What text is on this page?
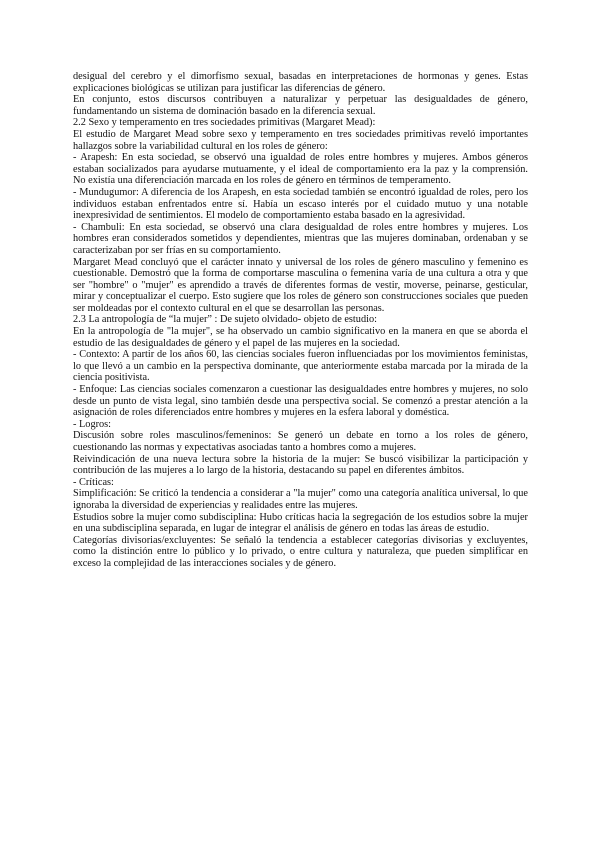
desigual del cerebro y el dimorfismo sexual, basadas en interpretaciones de hormonas y genes. Estas explicaciones biológicas se utilizan para justificar las diferencias de género.

En conjunto, estos discursos contribuyen a naturalizar y perpetuar las desigualdades de género, fundamentando un sistema de dominación basado en la diferencia sexual.

2.2 Sexo y temperamento en tres sociedades primitivas (Margaret Mead):

El estudio de Margaret Mead sobre sexo y temperamento en tres sociedades primitivas reveló importantes hallazgos sobre la variabilidad cultural en los roles de género:

- Arapesh: En esta sociedad, se observó una igualdad de roles entre hombres y mujeres. Ambos géneros estaban socializados para ayudarse mutuamente, y el ideal de comportamiento era la paz y la comprensión. No existía una diferenciación marcada en los roles de género en términos de temperamento.

- Mundugumor: A diferencia de los Arapesh, en esta sociedad también se encontró igualdad de roles, pero los individuos estaban enfrentados entre sí. Había un escaso interés por el cuidado mutuo y una notable inexpresividad de sentimientos. El modelo de comportamiento estaba basado en la agresividad.

- Chambuli: En esta sociedad, se observó una clara desigualdad de roles entre hombres y mujeres. Los hombres eran considerados sometidos y dependientes, mientras que las mujeres dominaban, ordenaban y se caracterizaban por ser frías en su comportamiento.

Margaret Mead concluyó que el carácter innato y universal de los roles de género masculino y femenino es cuestionable. Demostró que la forma de comportarse masculina o femenina varía de una cultura a otra y que ser "hombre" o "mujer" es aprendido a través de diferentes formas de vestir, moverse, peinarse, gesticular, mirar y conceptualizar el cuerpo. Esto sugiere que los roles de género son construcciones sociales que pueden ser moldeadas por el contexto cultural en el que se desarrollan las personas.

2.3 La antropología de “la mujer” : De sujeto olvidado- objeto de estudio:

En la antropología de "la mujer", se ha observado un cambio significativo en la manera en que se aborda el estudio de las desigualdades de género y el papel de las mujeres en la sociedad.

- Contexto: A partir de los años 60, las ciencias sociales fueron influenciadas por los movimientos feministas, lo que llevó a un cambio en la perspectiva dominante, que anteriormente estaba marcada por la mirada de la ciencia positivista.

- Enfoque: Las ciencias sociales comenzaron a cuestionar las desigualdades entre hombres y mujeres, no solo desde un punto de vista legal, sino también desde una perspectiva social. Se comenzó a prestar atención a la asignación de roles diferenciados entre hombres y mujeres en la esfera laboral y doméstica.

- Logros:

Discusión sobre roles masculinos/femeninos: Se generó un debate en torno a los roles de género, cuestionando las normas y expectativas asociadas tanto a hombres como a mujeres.

Reivindicación de una nueva lectura sobre la historia de la mujer: Se buscó visibilizar la participación y contribución de las mujeres a lo largo de la historia, destacando su papel en diferentes ámbitos.

- Críticas:

Simplificación: Se criticó la tendencia a considerar a "la mujer" como una categoría analítica universal, lo que ignoraba la diversidad de experiencias y realidades entre las mujeres.

Estudios sobre la mujer como subdisciplina: Hubo críticas hacia la segregación de los estudios sobre la mujer en una subdisciplina separada, en lugar de integrar el análisis de género en todas las áreas de estudio.

Categorías divisorias/excluyentes: Se señaló la tendencia a establecer categorías divisorias y excluyentes, como la distinción entre lo público y lo privado, o entre cultura y naturaleza, que pueden simplificar en exceso la complejidad de las interacciones sociales y de género.
